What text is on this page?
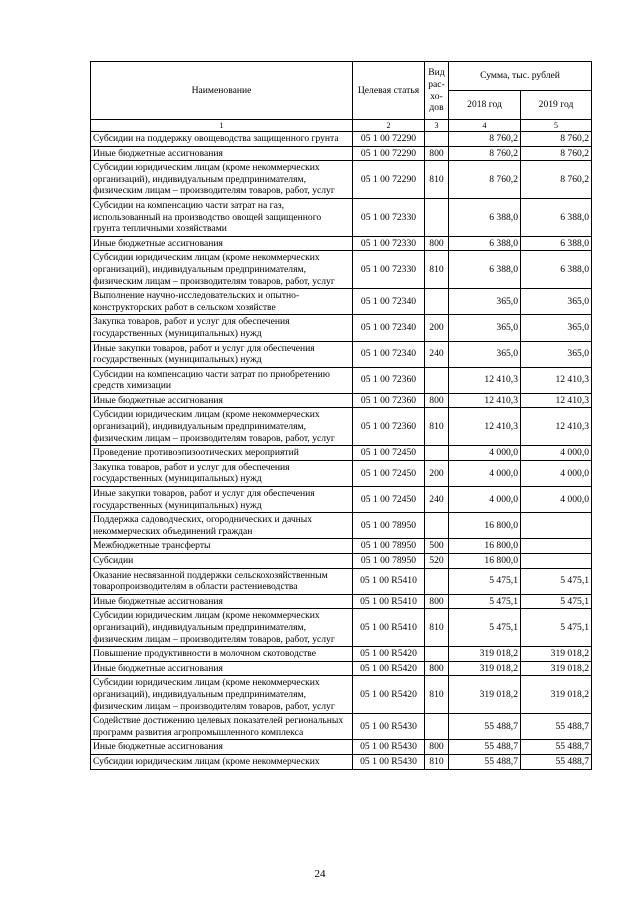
Наименование	Целевая статья	Вид рас-хо-дов	Сумма, тыс. рублей	
			2018 год	2019 год
1	2	3	4	5
Субсидии на поддержку овощеводства защищенного грунта	05 1 00 72290		8 760,2	8 760,2
Иные бюджетные ассигнования	05 1 00 72290	800	8 760,2	8 760,2
Субсидии юридическим лицам (кроме некоммерческих организаций), индивидуальным предпринимателям, физическим лицам – производителям товаров, работ, услуг	05 1 00 72290	810	8 760,2	8 760,2
Субсидии на компенсацию части затрат на газ, использованный на производство овощей защищенного грунта тепличными хозяйствами	05 1 00 72330		6 388,0	6 388,0
Иные бюджетные ассигнования	05 1 00 72330	800	6 388,0	6 388,0
Субсидии юридическим лицам (кроме некоммерческих организаций), индивидуальным предпринимателям, физическим лицам – производителям товаров, работ, услуг	05 1 00 72330	810	6 388,0	6 388,0
Выполнение научно-исследовательских и опытно-конструкторских работ в сельском хозяйстве	05 1 00 72340		365,0	365,0
Закупка товаров, работ и услуг для обеспечения государственных (муниципальных) нужд	05 1 00 72340	200	365,0	365,0
Иные закупки товаров, работ и услуг для обеспечения государственных (муниципальных) нужд	05 1 00 72340	240	365,0	365,0
Субсидии на компенсацию части затрат по приобретению средств химизации	05 1 00 72360		12 410,3	12 410,3
Иные бюджетные ассигнования	05 1 00 72360	800	12 410,3	12 410,3
Субсидии юридическим лицам (кроме некоммерческих организаций), индивидуальным предпринимателям, физическим лицам – производителям товаров, работ, услуг	05 1 00 72360	810	12 410,3	12 410,3
Проведение противоэпизоотических мероприятий	05 1 00 72450		4 000,0	4 000,0
Закупка товаров, работ и услуг для обеспечения государственных (муниципальных) нужд	05 1 00 72450	200	4 000,0	4 000,0
Иные закупки товаров, работ и услуг для обеспечения государственных (муниципальных) нужд	05 1 00 72450	240	4 000,0	4 000,0
Поддержка садоводческих, огороднических и дачных некоммерческих объединений граждан	05 1 00 78950		16 800,0	
Межбюджетные трансферты	05 1 00 78950	500	16 800,0	
Субсидии	05 1 00 78950	520	16 800,0	
Оказание несвязанной поддержки сельскохозяйственным товаропроизводителям в области растениеводства	05 1 00 R5410		5 475,1	5 475,1
Иные бюджетные ассигнования	05 1 00 R5410	800	5 475,1	5 475,1
Субсидии юридическим лицам (кроме некоммерческих организаций), индивидуальным предпринимателям, физическим лицам – производителям товаров, работ, услуг	05 1 00 R5410	810	5 475,1	5 475,1
Повышение продуктивности в молочном скотоводстве	05 1 00 R5420		319 018,2	319 018,2
Иные бюджетные ассигнования	05 1 00 R5420	800	319 018,2	319 018,2
Субсидии юридическим лицам (кроме некоммерческих организаций), индивидуальным предпринимателям, физическим лицам – производителям товаров, работ, услуг	05 1 00 R5420	810	319 018,2	319 018,2
Содействие достижению целевых показателей региональных программ развития агропромышленного комплекса	05 1 00 R5430		55 488,7	55 488,7
Иные бюджетные ассигнования	05 1 00 R5430	800	55 488,7	55 488,7
Субсидии юридическим лицам (кроме некоммерческих	05 1 00 R5430	810	55 488,7	55 488,7
24
